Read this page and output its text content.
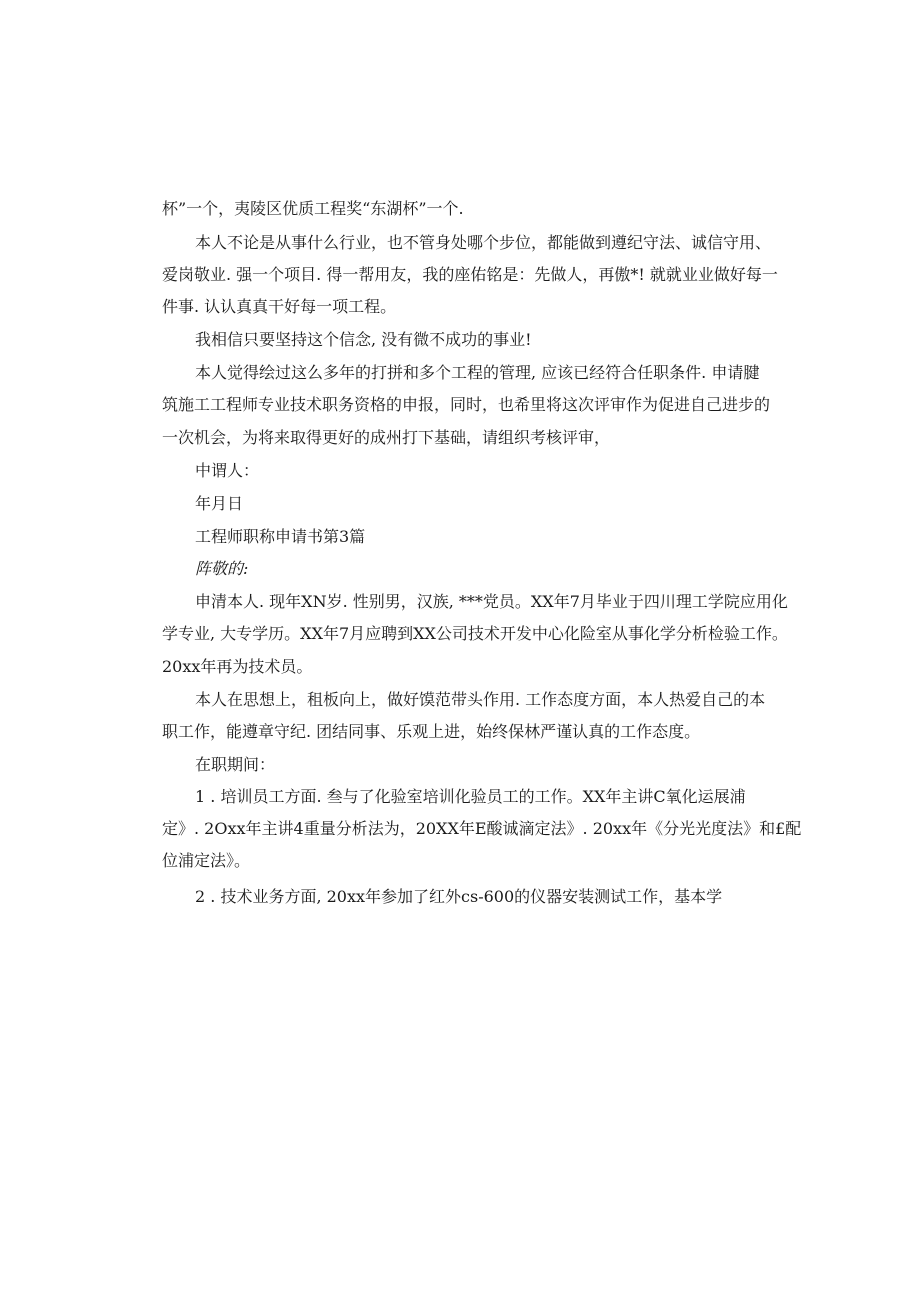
杯”一个，夷陵区优质工程奖“东湖杯”一个.
本人不论是从事什么行业，也不管身处哪个步位，都能做到遵纪守法、诚信守用、
爱岗敬业. 强一个项目. 得一帮用友，我的座佑铭是：先做人，再傲*! 就就业业做好每一
件事. 认认真真干好每一项工程。
我相信只要坚持这个信念, 没有微不成功的事业!
本人觉得绘过这么多年的打拼和多个工程的管理, 应该已经符合任职条件. 申请腱
筑施工工程师专业技术职务资格的申报，同时，也希里将这次评审作为促进自己进步的
一次机会，为将来取得更好的成州打下基础，请组织考核评审，
中谓人：
年月日
工程师职称申请书第3篇
阵敬的:
申清本人. 现年XN岁. 性别男，汉族, ***党员。XX年7月毕业于四川理工学院应用化
学专业, 大专学历。XX年7月应聘到XX公司技术开发中心化险室从事化学分析检验工作。
20xx年再为技术员。
本人在思想上，租板向上，做好馍范带头作用. 工作态度方面，本人热爱自己的本
职工作，能遵章守纪. 团结同事、乐观上进，始终保林严谨认真的工作态度。
在职期间：
1 . 培训员工方面. 叁与了化验室培训化验员工的工作。XX年主讲C氧化运展浦
定》. 2Oxx年主讲4重量分析法为，20XX年E酸诚滴定法》. 20xx年《分光光度法》和£配
位浦定法》。
2 . 技术业务方面, 20xx年参加了红外cs-600的仪器安装测试工作，基本学
